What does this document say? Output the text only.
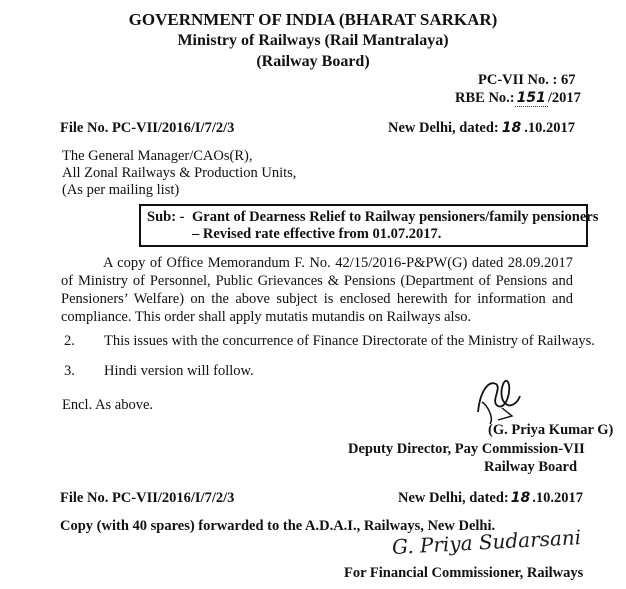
GOVERNMENT OF INDIA (BHARAT SARKAR)
Ministry of Railways (Rail Mantralaya)
(Railway Board)
PC-VII No. : 67
RBE No.: 151 /2017
File No. PC-VII/2016/I/7/2/3	New Delhi, dated: 18 .10.2017
The General Manager/CAOs(R),
All Zonal Railways & Production Units,
(As per mailing list)
Sub: - Grant of Dearness Relief to Railway pensioners/family pensioners
– Revised rate effective from 01.07.2017.
A copy of Office Memorandum F. No. 42/15/2016-P&PW(G) dated 28.09.2017 of Ministry of Personnel, Public Grievances & Pensions (Department of Pensions and Pensioners’ Welfare) on the above subject is enclosed herewith for information and compliance. This order shall apply mutatis mutandis on Railways also.
2. This issues with the concurrence of Finance Directorate of the Ministry of Railways.
3. Hindi version will follow.
Encl. As above.
(G. Priya Kumar G)
Deputy Director, Pay Commission-VII
Railway Board
File No. PC-VII/2016/I/7/2/3	New Delhi, dated: 18 .10.2017
Copy (with 40 spares) forwarded to the A.D.A.I., Railways, New Delhi.
G. Priya Sudarsani
For Financial Commissioner, Railways
